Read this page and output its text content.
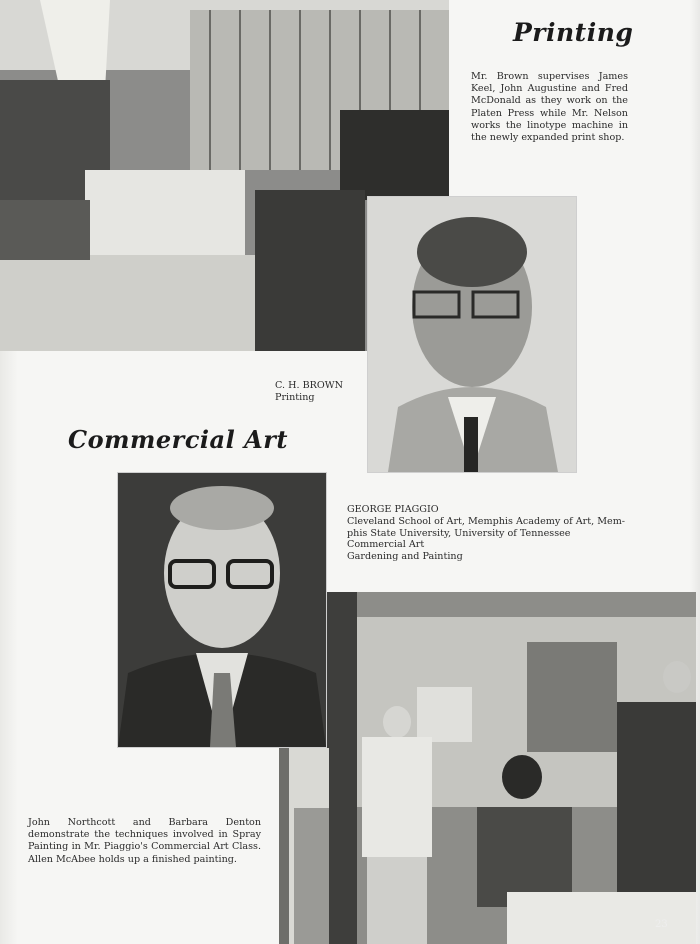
Printing

Mr. Brown supervises James Keel, John Augustine and Fred McDonald as they work on the Platen Press while Mr. Nelson works the linotype machine in the newly expanded print shop.

C. H. BROWN
Printing
Commercial Art
GEORGE PIAGGIO
Cleveland School of Art, Memphis Academy of Art, Mem-
phis State University, University of Tennessee
Commercial Art
Gardening and Painting

John Northcott and Barbara Denton demonstrate the techniques involved in Spray Painting in Mr. Piaggio's Commercial Art Class. Allen McAbee holds up a finished painting.

23
